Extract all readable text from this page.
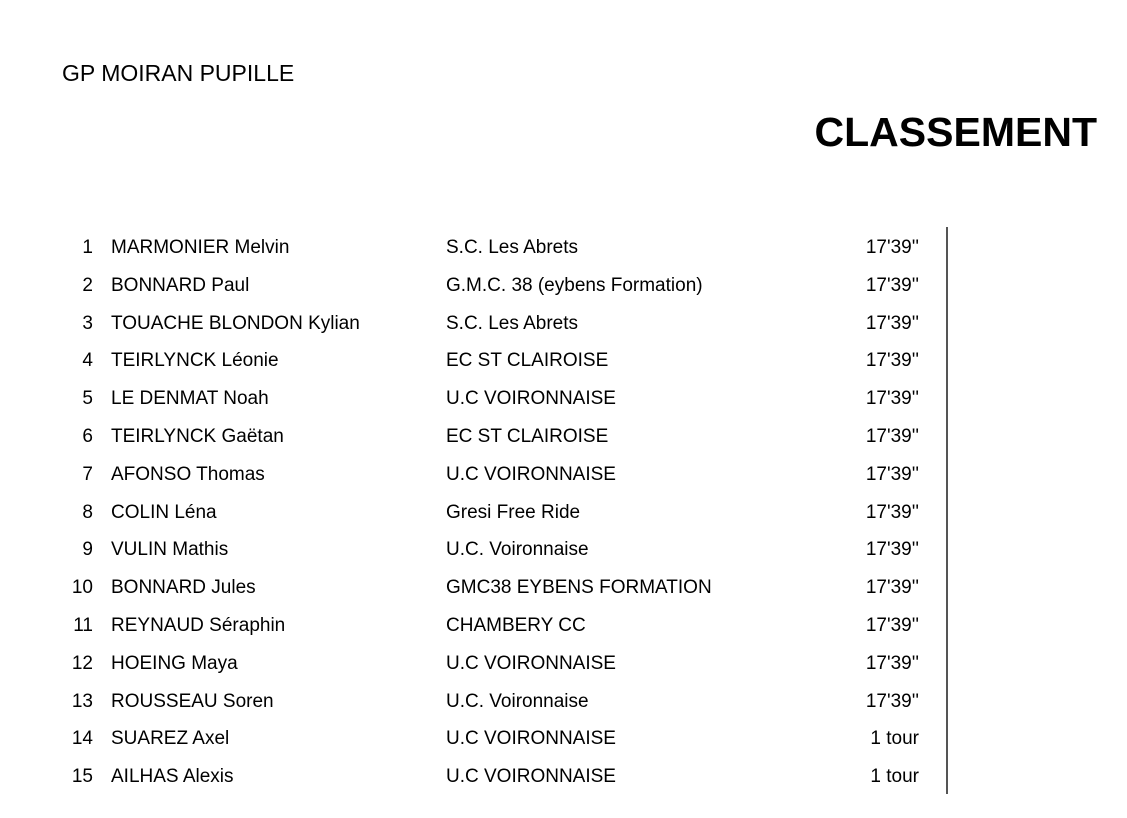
GP MOIRAN PUPILLE
CLASSEMENT
1 MARMONIER Melvin	S.C. Les Abrets	17'39''
2 BONNARD Paul	G.M.C. 38 (eybens Formation)	17'39''
3 TOUACHE BLONDON Kylian	S.C. Les Abrets	17'39''
4 TEIRLYNCK Léonie	EC ST CLAIROISE	17'39''
5 LE DENMAT Noah	U.C VOIRONNAISE	17'39''
6 TEIRLYNCK Gaëtan	EC ST CLAIROISE	17'39''
7 AFONSO Thomas	U.C VOIRONNAISE	17'39''
8 COLIN Léna	Gresi Free Ride	17'39''
9 VULIN Mathis	U.C. Voironnaise	17'39''
10 BONNARD Jules	GMC38 EYBENS FORMATION	17'39''
11 REYNAUD Séraphin	CHAMBERY CC	17'39''
12 HOEING Maya	U.C VOIRONNAISE	17'39''
13 ROUSSEAU Soren	U.C. Voironnaise	17'39''
14 SUAREZ Axel	U.C VOIRONNAISE	1 tour
15 AILHAS Alexis	U.C VOIRONNAISE	1 tour
